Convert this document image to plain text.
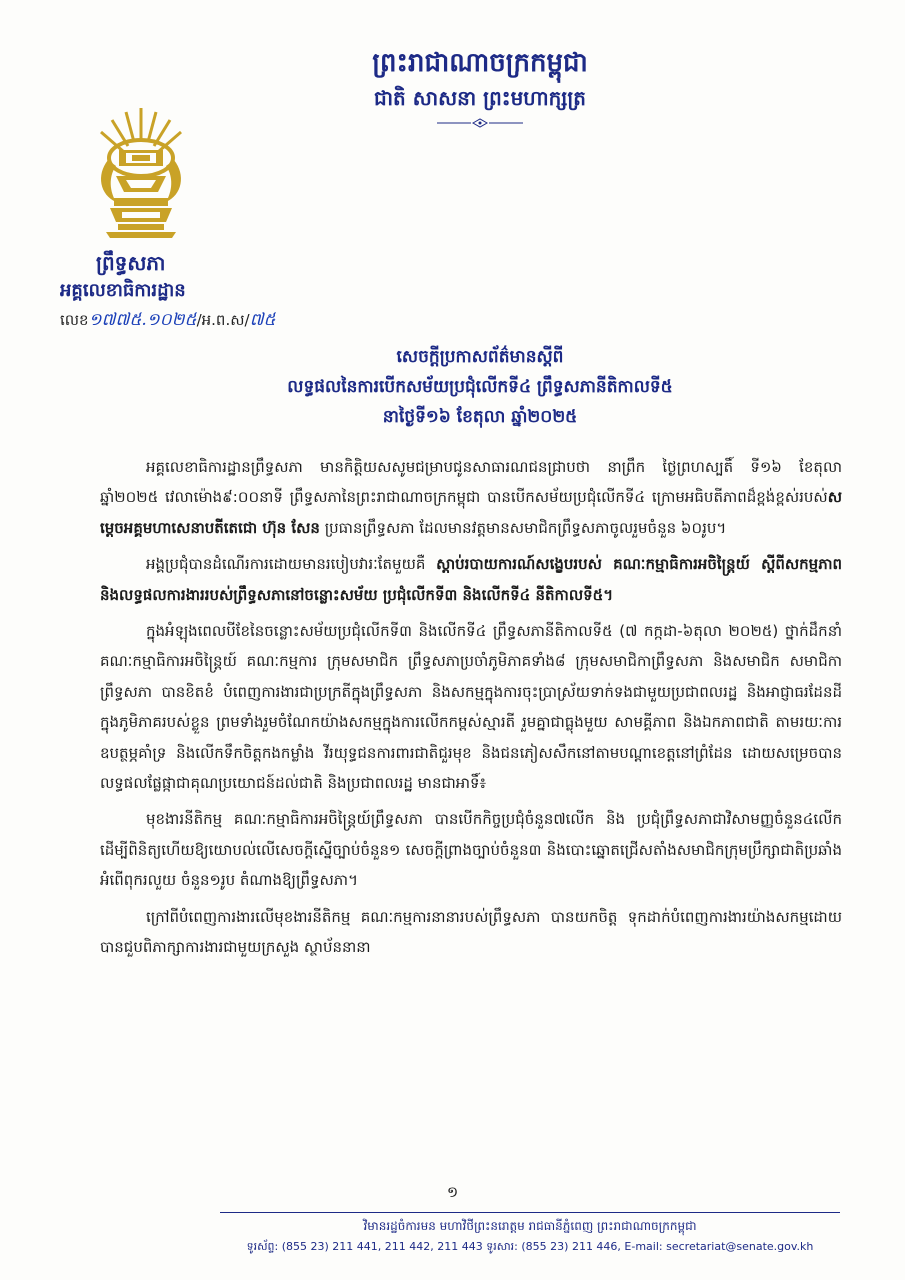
ព្រះរាជាណាចក្រកម្ពុជា
ជាតិ សាសនា ព្រះមហាក្សត្រ
ព្រឹទ្ធសភា
អគ្គលេខាធិការដ្ឋាន
លេខ១៧៧៥.១០២៥/អ.ព.ស/៧៥
សេចក្តីប្រកាសព័ត៌មានស្តីពី
លទ្ធផលនៃការបើកសម័យប្រជុំលើកទី៤ ព្រឹទ្ធសភានីតិកាលទី៥
នាថ្ងៃទី១៦ ខែតុលា ឆ្នាំ២០២៥

អគ្គលេខាធិការដ្ឋានព្រឹទ្ធសភា មានកិត្តិយសសូមជម្រាបជូនសាធារណជនជ្រាបថា នាព្រឹក ថ្ងៃព្រហស្បតិ៍ ទី១៦ ខែតុលា ឆ្នាំ២០២៥ វេលាម៉ោង៩:០០នាទី ព្រឹទ្ធសភានៃព្រះរាជាណាចក្រកម្ពុជា បានបើកសម័យប្រជុំលើកទី៤ ក្រោមអធិបតីភាពដ៏ខ្ពង់ខ្ពស់របស់សម្តេចអគ្គមហាសេនាបតីតេជោ ហ៊ុន សែន ប្រធានព្រឹទ្ធសភា ដែលមានវត្តមានសមាជិកព្រឹទ្ធសភាចូលរួមចំនួន ៦០រូប។

អង្គប្រជុំបានដំណើរការដោយមានរបៀបវារៈតែមួយគឺ ស្តាប់របាយការណ៍សង្ខេបរបស់ គណៈកម្មាធិការអចិន្ត្រៃយ៍ ស្តីពីសកម្មភាព និងលទ្ធផលការងាររបស់ព្រឹទ្ធសភានៅចន្លោះសម័យ ប្រជុំលើកទី៣ និងលើកទី៤ នីតិកាលទី៥។

ក្នុងអំឡុងពេលបីខែនៃចន្លោះសម័យប្រជុំលើកទី៣ និងលើកទី៤ ព្រឹទ្ធសភានីតិកាលទី៥ (៧ កក្កដា-៦តុលា ២០២៥) ថ្នាក់ដឹកនាំ គណៈកម្មាធិការអចិន្ត្រៃយ៍ គណៈកម្មការ ក្រុមសមាជិក ព្រឹទ្ធសភាប្រចាំភូមិភាគទាំង៨ ក្រុមសមាជិកាព្រឹទ្ធសភា និងសមាជិក សមាជិកាព្រឹទ្ធសភា បានខិតខំ បំពេញការងារជាប្រក្រតីក្នុងព្រឹទ្ធសភា និងសកម្មក្នុងការចុះប្រាស្រ័យទាក់ទងជាមួយប្រជាពលរដ្ឋ និងអាជ្ញាធរដែនដីក្នុងភូមិភាគរបស់ខ្លួន ព្រមទាំងរួមចំណែកយ៉ាងសកម្មក្នុងការលើកកម្ពស់ស្មារតី រួមគ្នាជាធ្លុងមួយ សាមគ្គីភាព និងឯកភាពជាតិ តាមរយៈការឧបត្ថម្ភគាំទ្រ និងលើកទឹកចិត្តកងកម្លាំង វីរយុទ្ធជនការពារជាតិជួរមុខ និងជនភៀសសឹកនៅតាមបណ្តាខេត្តនៅព្រំដែន ដោយសម្រេចបាន លទ្ធផលផ្លែផ្កាជាគុណប្រយោជន៍ដល់ជាតិ និងប្រជាពលរដ្ឋ មានជាអាទិ៍៖

មុខងារនីតិកម្ម គណៈកម្មាធិការអចិន្ត្រៃយ៍ព្រឹទ្ធសភា បានបើកកិច្ចប្រជុំចំនួន៧លើក និង ប្រជុំព្រឹទ្ធសភាជាវិសាមញ្ញចំនួន៤លើក ដើម្បីពិនិត្យហើយឱ្យយោបល់លើសេចក្តីស្នើច្បាប់ចំនួន១ សេចក្តីព្រាងច្បាប់ចំនួន៣ និងបោះឆ្នោតជ្រើសតាំងសមាជិកក្រុមប្រឹក្សាជាតិប្រឆាំងអំពើពុករលួយ ចំនួន១រូប តំណាងឱ្យព្រឹទ្ធសភា។

ក្រៅពីបំពេញការងារលើមុខងារនីតិកម្ម គណៈកម្មការនានារបស់ព្រឹទ្ធសភា បានយកចិត្ត ទុកដាក់បំពេញការងារយ៉ាងសកម្មដោយបានជួបពិភាក្សាការងារជាមួយក្រសួង ស្ថាប័ននានា

១
វិមានរដ្ឋចំការមន មហាវិថីព្រះនរោត្តម រាជធានីភ្នំពេញ ព្រះរាជាណាចក្រកម្ពុជា
ទូរស័ព្ទ: (855 23) 211 441, 211 442, 211 443 ទូរសារ: (855 23) 211 446, E-mail: secretariat@senate.gov.kh
